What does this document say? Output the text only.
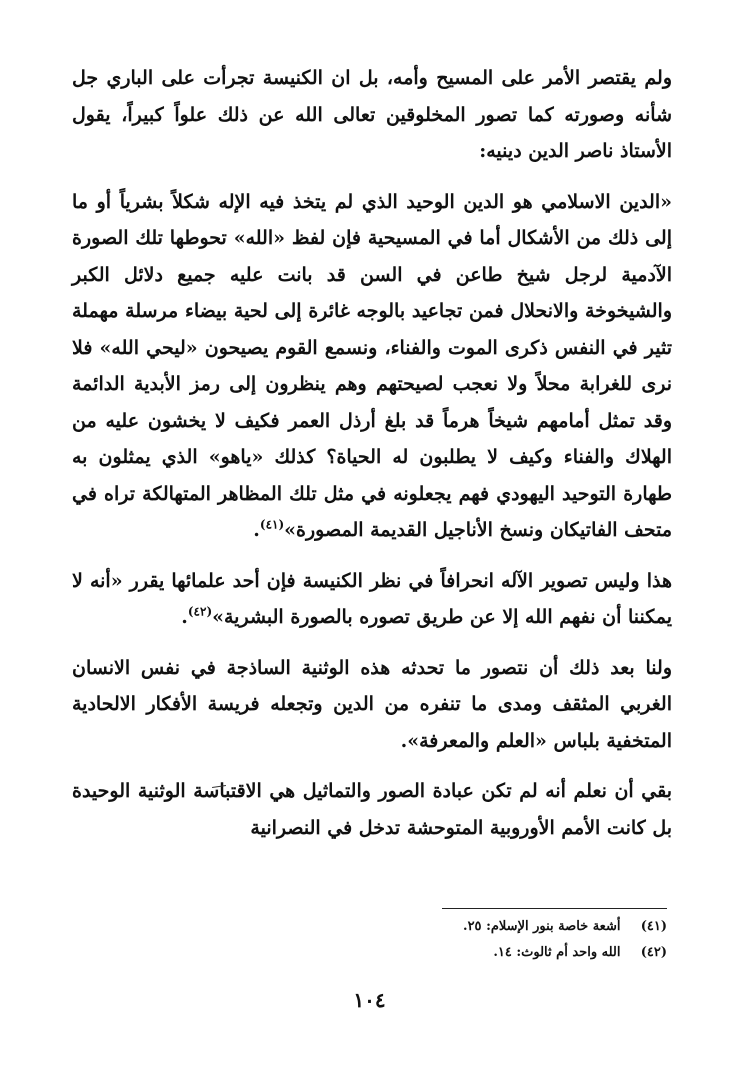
ولم يقتصر الأمر على المسيح وأمه، بل ان الكنيسة تجرأت على الباري جل شأنه وصورته كما تصور المخلوقين تعالى الله عن ذلك علواً كبيراً، يقول الأستاذ ناصر الدين دينيه:

«الدين الاسلامي هو الدين الوحيد الذي لم يتخذ فيه الإله شكلاً بشرياً أو ما إلى ذلك من الأشكال أما في المسيحية فإن لفظ «الله» تحوطها تلك الصورة الآدمية لرجل شيخ طاعن في السن قد بانت عليه جميع دلائل الكبر والشيخوخة والانحلال فمن تجاعيد بالوجه غائرة إلى لحية بيضاء مرسلة مهملة تثير في النفس ذكرى الموت والفناء، ونسمع القوم يصيحون «ليحي الله» فلا نرى للغرابة محلاً ولا نعجب لصيحتهم وهم ينظرون إلى رمز الأبدية الدائمة وقد تمثل أمامهم شيخاً هرماً قد بلغ أرذل العمر فكيف لا يخشون عليه من الهلاك والفناء وكيف لا يطلبون له الحياة؟ كذلك «ياهو» الذي يمثلون به طهارة التوحيد اليهودي فهم يجعلونه في مثل تلك المظاهر المتهالكة تراه في متحف الفاتيكان ونسخ الأناجيل القديمة المصورة»$^{(٤١)}$.

هذا وليس تصوير الآله انحرافاً في نظر الكنيسة فإن أحد علمائها يقرر «أنه لا يمكننا أن نفهم الله إلا عن طريق تصوره بالصورة البشرية»$^{(٤٢)}$.

ولنا بعد ذلك أن نتصور ما تحدثه هذه الوثنية الساذجة في نفس الانسان الغربي المثقف ومدى ما تنفره من الدين وتجعله فريسة الأفكار الالحادية المتخفية بلباس «العلم والمعرفة».

بقي أن نعلم أنه لم تكن عبادة الصور والتماثيل هي الاقتباسة الوثنية الوحيدة بل كانت الأمم الأوروبية المتوحشة تدخل في النصرانية

(٤١) أشعة خاصة بنور الإسلام: ٢٥.
(٤٢) الله واحد أم ثالوث: ١٤.
١٠٤
